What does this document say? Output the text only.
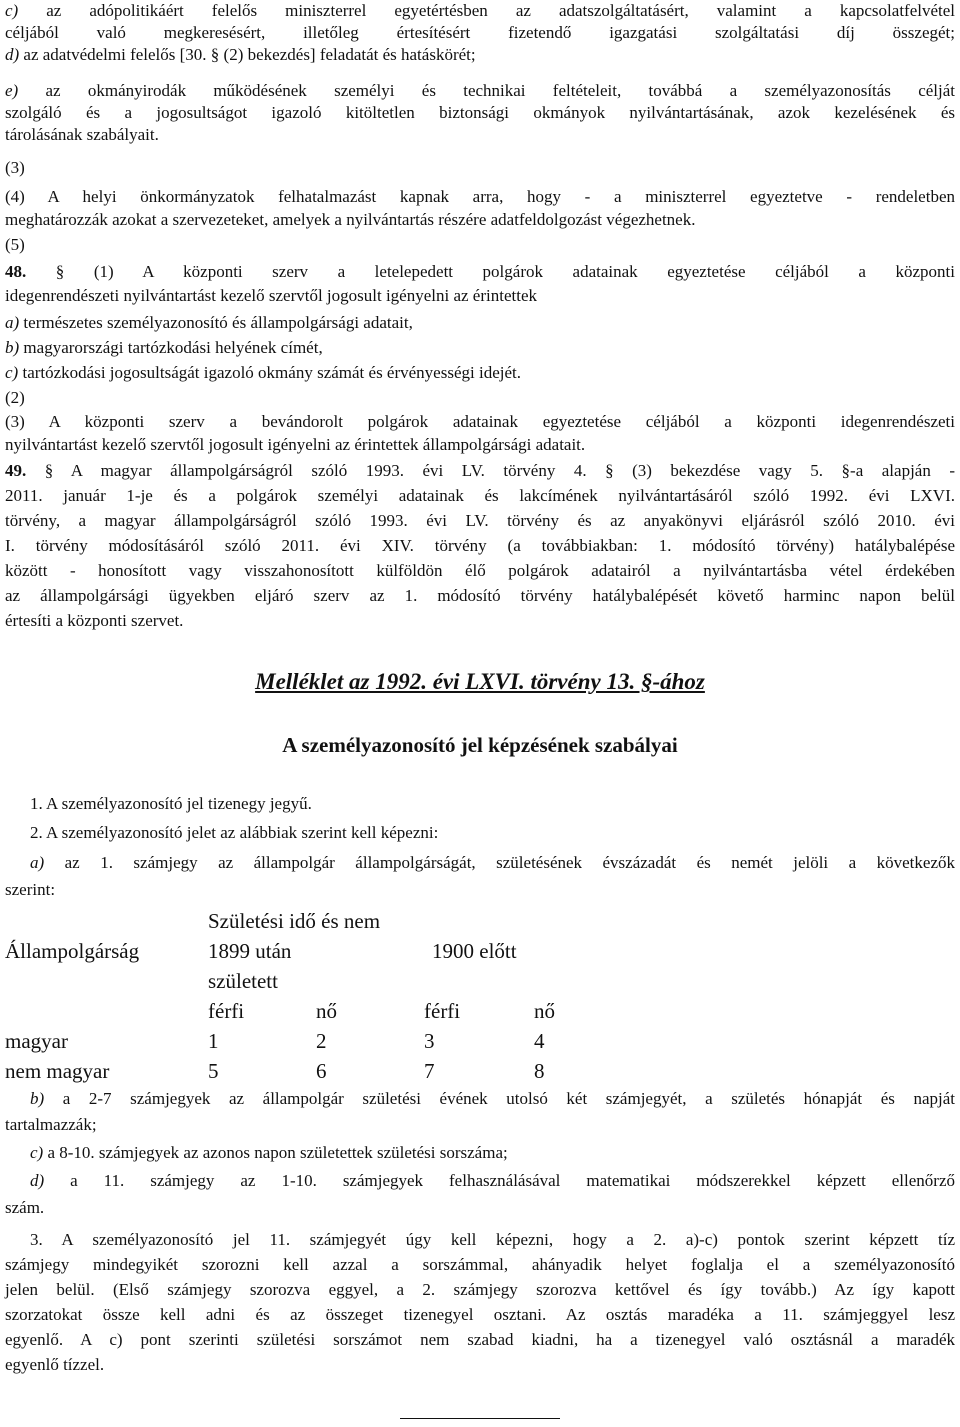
c) az adópolitikáért felelős miniszterrel egyetértésben az adatszolgáltatásért, valamint a kapcsolatfelvétel
céljából való megkeresésért, illetőleg értesítésért fizetendő igazgatási szolgáltatási díj összegét;
d) az adatvédelmi felelős [30. § (2) bekezdés] feladatát és hatáskörét;
e) az okmányirodák működésének személyi és technikai feltételeit, továbbá a személyazonosítás célját
szolgáló és a jogosultságot igazoló kitöltetlen biztonsági okmányok nyilvántartásának, azok kezelésének és
tárolásának szabályait.
(3)
(4) A helyi önkormányzatok felhatalmazást kapnak arra, hogy - a miniszterrel egyeztetve - rendeletben
meghatározzák azokat a szervezeteket, amelyek a nyilvántartás részére adatfeldolgozást végezhetnek.
(5)
48. § (1) A központi szerv a letelepedett polgárok adatainak egyeztetése céljából a központi
idegenrendészeti nyilvántartást kezelő szervtől jogosult igényelni az érintettek
a) természetes személyazonosító és állampolgársági adatait,
b) magyarországi tartózkodási helyének címét,
c) tartózkodási jogosultságát igazoló okmány számát és érvényességi idejét.
(2)
(3) A központi szerv a bevándorolt polgárok adatainak egyeztetése céljából a központi idegenrendészeti
nyilvántartást kezelő szervtől jogosult igényelni az érintettek állampolgársági adatait.
49. § A magyar állampolgárságról szóló 1993. évi LV. törvény 4. § (3) bekezdése vagy 5. §-a alapján -
2011. január 1-je és a polgárok személyi adatainak és lakcímének nyilvántartásáról szóló 1992. évi LXVI.
törvény, a magyar állampolgárságról szóló 1993. évi LV. törvény és az anyakönyvi eljárásról szóló 2010. évi
I. törvény módosításáról szóló 2011. évi XIV. törvény (a továbbiakban: 1. módosító törvény) hatálybalépése
között - honosított vagy visszahonosított külföldön élő polgárok adatairól a nyilvántartásba vétel érdekében
az állampolgársági ügyekben eljáró szerv az 1. módosító törvény hatálybalépését követő harminc napon belül
értesíti a központi szervet.
Melléklet az 1992. évi LXVI. törvény 13. §-ához
A személyazonosító jel képzésének szabályai
1. A személyazonosító jel tizenegy jegyű.
2. A személyazonosító jelet az alábbiak szerint kell képezni:
a) az 1. számjegy az állampolgár állampolgárságát, születésének évszázadát és nemét jelöli a következők
szerint:
Születési idő és nem
Állampolgárság	1899 után	1900 előtt
született
férfi	nő	férfi	nő
magyar	1	2	3	4
nem magyar	5	6	7	8
b) a 2-7 számjegyek az állampolgár születési évének utolsó két számjegyét, a születés hónapját és napját
tartalmazzák;
c) a 8-10. számjegyek az azonos napon születettek születési sorszáma;
d) a 11. számjegy az 1-10. számjegyek felhasználásával matematikai módszerekkel képzett ellenőrző
szám.
3. A személyazonosító jel 11. számjegyét úgy kell képezni, hogy a 2. a)-c) pontok szerint képzett tíz
számjegy mindegyikét szorozni kell azzal a sorszámmal, ahányadik helyet foglalja el a személyazonosító
jelen belül. (Első számjegy szorozva eggyel, a 2. számjegy szorozva kettővel és így tovább.) Az így kapott
szorzatokat össze kell adni és az összeget tizenegyel osztani. Az osztás maradéka a 11. számjeggyel lesz
egyenlő. A c) pont szerinti születési sorszámot nem szabad kiadni, ha a tizenegyel való osztásnál a maradék
egyenlő tízzel.
